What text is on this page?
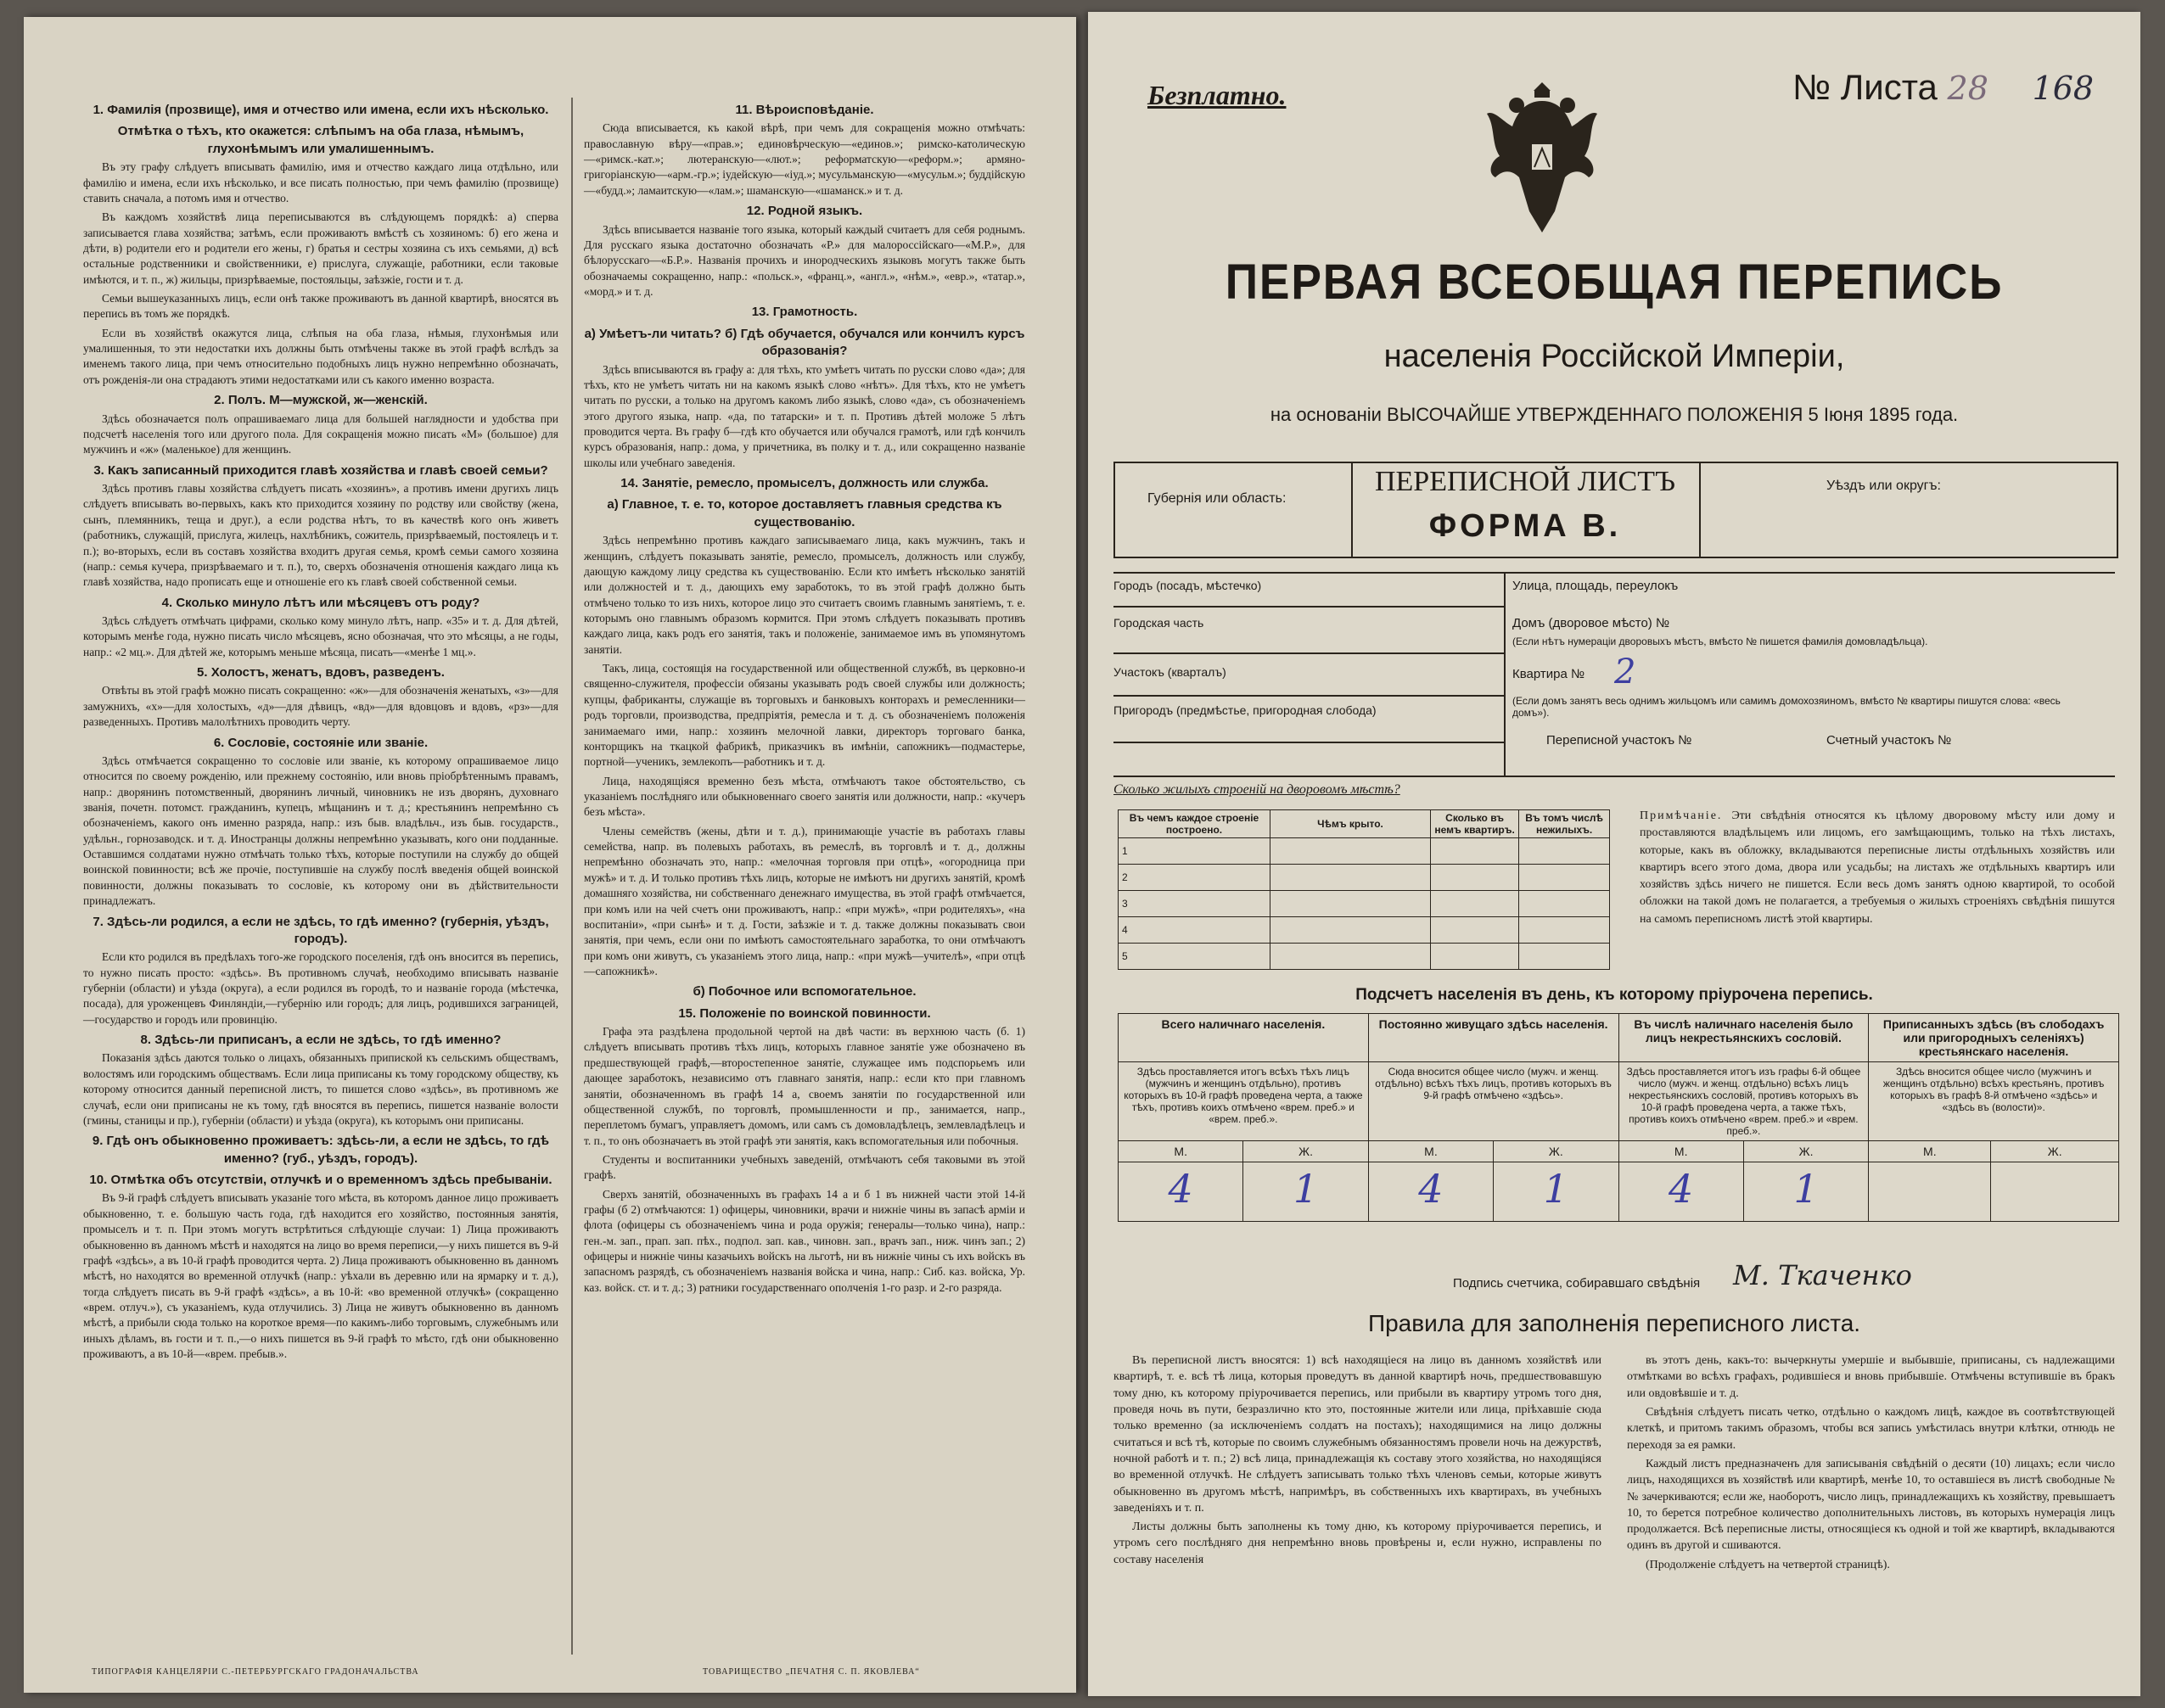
1. Фамилія (прозвище), имя и отчество или имена, если ихъ нѣсколько.
Отмѣтка о тѣхъ, кто окажется: слѣпымъ на оба глаза, нѣмымъ, глухонѣмымъ или умалишеннымъ.

Въ эту графу слѣдуетъ вписывать фамилію, имя и отчество каждаго лица отдѣльно, или фамилію и имена, если ихъ нѣсколько, и все писать полностью, при чемъ фамилію (прозвище) ставить сначала, а потомъ имя и отчество.

Въ каждомъ хозяйствѣ лица переписываются въ слѣдующемъ порядкѣ: а) сперва записывается глава хозяйства; затѣмъ, если проживаютъ вмѣстѣ съ хозяиномъ: б) его жена и дѣти, в) родители его и родители его жены, г) братья и сестры хозяина съ ихъ семьями, д) всѣ остальные родственники и свойственники, е) прислуга, служащіе, работники, если таковые имѣются, и т. п., ж) жильцы, призрѣваемые, постояльцы, заѣзжіе, гости и т. д.

Семьи вышеуказанныхъ лицъ, если онѣ также проживаютъ въ данной квартирѣ, вносятся въ перепись въ томъ же порядкѣ.

Если въ хозяйствѣ окажутся лица, слѣпыя на оба глаза, нѣмыя, глухонѣмыя или умалишенныя, то эти недостатки ихъ должны быть отмѣчены также въ этой графѣ вслѣдъ за именемъ такого лица, при чемъ относительно подобныхъ лицъ нужно непремѣнно обозначать, отъ рожденія-ли она страдаютъ этими недостатками или съ какого именно возраста.

2. Полъ. М—мужской, ж—женскій.

Здѣсь обозначается полъ опрашиваемаго лица для большей наглядности и удобства при подсчетѣ населенія того или другого пола. Для сокращенія можно писать «М» (большое) для мужчинъ и «ж» (маленькое) для женщинъ.

3. Какъ записанный приходится главѣ хозяйства и главѣ своей семьи?

Здѣсь противъ главы хозяйства слѣдуетъ писать «хозяинъ», а противъ имени другихъ лицъ слѣдуетъ вписывать во-первыхъ, какъ кто приходится хозяину по родству или свойству (жена, сынъ, племянникъ, теща и друг.), а если родства нѣтъ, то въ качествѣ кого онъ живетъ (работникъ, служащій, прислуга, жилецъ, нахлѣбникъ, сожитель, призрѣваемый, постоялецъ и т. п.); во-вторыхъ, если въ составъ хозяйства входитъ другая семья, кромѣ семьи самого хозяина (напр.: семья кучера, призрѣваемаго и т. п.), то, сверхъ обозначенія отношенія каждаго лица къ главѣ хозяйства, надо прописать еще и отношеніе его къ главѣ своей собственной семьи.

4. Сколько минуло лѣтъ или мѣсяцевъ отъ роду?

Здѣсь слѣдуетъ отмѣчать цифрами, сколько кому минуло лѣтъ, напр. «35» и т. д. Для дѣтей, которымъ менѣе года, нужно писать число мѣсяцевъ, ясно обозначая, что это мѣсяцы, а не годы, напр.: «2 мц.». Для дѣтей же, которымъ меньше мѣсяца, писать—«менѣе 1 мц.».

5. Холостъ, женатъ, вдовъ, разведенъ.

Отвѣты въ этой графѣ можно писать сокращенно: «ж»—для обозначенія женатыхъ, «з»—для замужнихъ, «х»—для холостыхъ, «д»—для дѣвицъ, «вд»—для вдовцовъ и вдовъ, «рз»—для разведенныхъ. Противъ малолѣтнихъ проводить черту.

6. Сословіе, состояніе или званіе.

Здѣсь отмѣчается сокращенно то сословіе или званіе, къ которому опрашиваемое лицо относится по своему рожденію, или прежнему состоянію, или вновь пріобрѣтеннымъ правамъ, напр.: дворянинъ потомственный, дворянинъ личный, чиновникъ не изъ дворянъ, духовнаго званія, почетн. потомст. гражданинъ, купецъ, мѣщанинъ и т. д.; крестьянинъ непремѣнно съ обозначеніемъ, какого онъ именно разряда, напр.: изъ быв. владѣльч., изъ быв. государств., удѣльн., горнозаводск. и т. д. Иностранцы должны непремѣнно указывать, кого они подданные. Оставшимся солдатами нужно отмѣчать только тѣхъ, которые поступили на службу до общей воинской повинности; всѣ же прочіе, поступившіе на службу послѣ введенія общей воинской повинности, должны показывать то сословіе, къ которому они въ дѣйствительности принадлежатъ.

7. Здѣсь-ли родился, а если не здѣсь, то гдѣ именно? (губернія, уѣздъ, городъ).

Если кто родился въ предѣлахъ того-же городского поселенія, гдѣ онъ вносится въ перепись, то нужно писать просто: «здѣсь». Въ противномъ случаѣ, необходимо вписывать названіе губерніи (области) и уѣзда (округа), а если родился въ городѣ, то и названіе города (мѣстечка, посада), для уроженцевъ Финляндіи,—губернію или городъ; для лицъ, родившихся заграницей,—государство и городъ или провинцію.

8. Здѣсь-ли приписанъ, а если не здѣсь, то гдѣ именно?

Показанія здѣсь даются только о лицахъ, обязанныхъ припиской къ сельскимъ обществамъ, волостямъ или городскимъ обществамъ. Если лица приписаны къ тому городскому обществу, къ которому относится данный переписной листъ, то пишется слово «здѣсь», въ противномъ же случаѣ, если они приписаны не къ тому, гдѣ вносятся въ перепись, пишется названіе волости (гмины, станицы и пр.), губерніи (области) и уѣзда (округа), къ которымъ они приписаны.

9. Гдѣ онъ обыкновенно проживаетъ: здѣсь-ли, а если не здѣсь, то гдѣ именно? (губ., уѣздъ, городъ).
10. Отмѣтка объ отсутствіи, отлучкѣ и о временномъ здѣсь пребываніи.

Въ 9-й графѣ слѣдуетъ вписывать указаніе того мѣста, въ которомъ данное лицо проживаетъ обыкновенно, т. е. большую часть года, гдѣ находится его хозяйство, постоянныя занятія, промыселъ и т. п. При этомъ могутъ встрѣтиться слѣдующіе случаи: 1) Лица проживаютъ обыкновенно въ данномъ мѣстѣ и находятся на лицо во время переписи,—у нихъ пишется въ 9-й графѣ «здѣсь», а въ 10-й графѣ проводится черта. 2) Лица проживаютъ обыкновенно въ данномъ мѣстѣ, но находятся во временной отлучкѣ (напр.: уѣхали въ деревню или на ярмарку и т. д.), тогда слѣдуетъ писать въ 9-й графѣ «здѣсь», а въ 10-й: «во временной отлучкѣ» (сокращенно «врем. отлуч.»), съ указаніемъ, куда отлучились. 3) Лица не живутъ обыкновенно въ данномъ мѣстѣ, а прибыли сюда только на короткое время—по какимъ-либо торговымъ, служебнымъ или иныхъ дѣламъ, въ гости и т. п.,—о нихъ пишется въ 9-й графѣ то мѣсто, гдѣ они обыкновенно проживаютъ, а въ 10-й—«врем. пребыв.».

11. Вѣроисповѣданіе.

Сюда вписывается, къ какой вѣрѣ, при чемъ для сокращенія можно отмѣчать: православную вѣру—«прав.»; единовѣрческую—«единов.»; римско-католическую—«римск.-кат.»; лютеранскую—«лют.»; реформатскую—«реформ.»; армяно-григоріанскую—«арм.-гр.»; іудейскую—«іуд.»; мусульманскую—«мусульм.»; буддійскую—«будд.»; ламаитскую—«лам.»; шаманскую—«шаманск.» и т. д.

12. Родной языкъ.

Здѣсь вписывается названіе того языка, который каждый считаетъ для себя роднымъ. Для русскаго языка достаточно обозначать «Р.» для малороссійскаго—«М.Р.», для бѣлорусскаго—«Б.Р.». Названія прочихъ и инородческихъ языковъ могутъ также быть обозначаемы сокращенно, напр.: «польск.», «франц.», «англ.», «нѣм.», «евр.», «татар.», «морд.» и т. д.

13. Грамотность.
а) Умѣетъ-ли читать? б) Гдѣ обучается, обучался или кончилъ курсъ образованія?

Здѣсь вписываются въ графу а: для тѣхъ, кто умѣетъ читать по русски слово «да»; для тѣхъ, кто не умѣетъ читать ни на какомъ языкѣ слово «нѣтъ». Для тѣхъ, кто не умѣетъ читать по русски, а только на другомъ какомъ либо языкѣ, слово «да», съ обозначеніемъ этого другого языка, напр. «да, по татарски» и т. п. Противъ дѣтей моложе 5 лѣтъ проводится черта. Въ графу б—гдѣ кто обучается или обучался грамотѣ, или гдѣ кончилъ курсъ образованія, напр.: дома, у причетника, въ полку и т. д., или сокращенно названіе школы или учебнаго заведенія.

14. Занятіе, ремесло, промыселъ, должность или служба.
а) Главное, т. е. то, которое доставляетъ главныя средства къ существованію.

Здѣсь непремѣнно противъ каждаго записываемаго лица, какъ мужчинъ, такъ и женщинъ, слѣдуетъ показывать занятіе, ремесло, промыселъ, должность или службу, дающую каждому лицу средства къ существованію. Если кто имѣетъ нѣсколько занятій или должностей и т. д., дающихъ ему заработокъ, то въ этой графѣ должно быть отмѣчено только то изъ нихъ, которое лицо это считаетъ своимъ главнымъ занятіемъ, т. е. которымъ оно главнымъ образомъ кормится. При этомъ слѣдуетъ показывать противъ каждаго лица, какъ родъ его занятія, такъ и положеніе, занимаемое имъ въ упомянутомъ занятіи.

Такъ, лица, состоящія на государственной или общественной службѣ, въ церковно-и священно-служителя, профессіи обязаны указывать родъ своей службы или должность; купцы, фабриканты, служащіе въ торговыхъ и банковыхъ конторахъ и ремесленники—родъ торговли, производства, предпріятія, ремесла и т. д. съ обозначеніемъ положенія занимаемаго ими, напр.: хозяинъ мелочной лавки, директоръ торговаго банка, конторщикъ на ткацкой фабрикѣ, приказчикъ въ имѣніи, сапожникъ—подмастерье, портной—ученикъ, землекопъ—работникъ и т. д.

Лица, находящіяся временно безъ мѣста, отмѣчаютъ такое обстоятельство, съ указаніемъ послѣдняго или обыкновеннаго своего занятія или должности, напр.: «кучеръ безъ мѣста».

Члены семействъ (жены, дѣти и т. д.), принимающіе участіе въ работахъ главы семейства, напр. въ полевыхъ работахъ, въ ремеслѣ, въ торговлѣ и т. д., должны непремѣнно обозначать это, напр.: «мелочная торговля при отцѣ», «огородница при мужѣ» и т. д. И только противъ тѣхъ лицъ, которые не имѣютъ ни другихъ занятій, кромѣ домашняго хозяйства, ни собственнаго денежнаго имущества, въ этой графѣ отмѣчается, при комъ или на чей счетъ они проживаютъ, напр.: «при мужѣ», «при родителяхъ», «на воспитаніи», «при сынѣ» и т. д. Гости, заѣзжіе и т. д. также должны показывать свои занятія, при чемъ, если они по имѣютъ самостоятельнаго заработка, то они отмѣчаютъ при комъ они живутъ, съ указаніемъ этого лица, напр.: «при мужѣ—учителѣ», «при отцѣ—сапожникѣ».

б) Побочное или вспомогательное.
15. Положеніе по воинской повинности.

Графа эта раздѣлена продольной чертой на двѣ части: въ верхнюю часть (б. 1) слѣдуетъ вписывать противъ тѣхъ лицъ, которыхъ главное занятіе уже обозначено въ предшествующей графѣ,—второстепенное занятіе, служащее имъ подспорьемъ или дающее заработокъ, независимо отъ главнаго занятія, напр.: если кто при главномъ занятіи, обозначенномъ въ графѣ 14 а, своемъ занятіи по государственной или общественной службѣ, по торговлѣ, промышленности и пр., занимается, напр., переплетомъ бумагъ, управляетъ домомъ, или самъ съ домовладѣлецъ, землевладѣлецъ и т. п., то онъ обозначаетъ въ этой графѣ эти занятія, какъ вспомогательныя или побочныя.

Студенты и воспитанники учебныхъ заведеній, отмѣчаютъ себя таковыми въ этой графѣ.

Сверхъ занятій, обозначенныхъ въ графахъ 14 а и б 1 въ нижней части этой 14-й графы (б 2) отмѣчаются: 1) офицеры, чиновники, врачи и нижніе чины въ запасѣ арміи и флота (офицеры съ обозначеніемъ чина и рода оружія; генералы—только чина), напр.: ген.-м. зап., прап. зап. пѣх., подпол. зап. кав., чиновн. зап., врачъ зап., ниж. чинъ зап.; 2) офицеры и нижніе чины казачьихъ войскъ на льготѣ, ни въ нижніе чины съ ихъ войскъ въ запасномъ разрядѣ, съ обозначеніемъ названія войска и чина, напр.: Сиб. каз. войска, Ур. каз. войск. ст. и т. д.; 3) ратники государственнаго ополченія 1-го разр. и 2-го разряда.

ТИПОГРАФІЯ КАНЦЕЛЯРІИ С.-ПЕТЕРБУРГСКАГО ГРАДОНАЧАЛЬСТВА	ТОВАРИЩЕСТВО „ПЕЧАТНЯ С. П. ЯКОВЛЕВА“
Безплатно.	№ Листа 28 168
ПЕРВАЯ ВСЕОБЩАЯ ПЕРЕПИСЬ
населенія Россійской Имперіи,
на основаніи ВЫСОЧАЙШЕ УТВЕРЖДЕННАГО ПОЛОЖЕНІЯ 5 Іюня 1895 года.
Губернія или область:
ПЕРЕПИСНОЙ ЛИСТЪ
ФОРМА В.
Уѣздъ или округъ:
Городъ (посадъ, мѣстечко)
Городская часть
Участокъ (кварталъ)
Пригородъ (предмѣстье, пригородная слобода)
Улица, площадь, переулокъ
Домъ (дворовое мѣсто) №
(Если нѣтъ нумераціи дворовыхъ мѣстъ, вмѣсто № пишется фамилія домовладѣльца).
Квартира № 2
(Если домъ занятъ весь однимъ жильцомъ или самимъ домохозяиномъ, вмѣсто № квартиры пишутся слова: «весь домъ»).
Переписной участокъ №	Счетный участокъ №
Сколько жилыхъ строеній на дворовомъ мѣстѣ?
Въ чемъ каждое строеніе построено.	Чѣмъ крыто.	Сколько въ немъ квартиръ.	Въ томъ числѣ нежилыхъ.
1			
2			
3			
4			
5			
Примѣчаніе. Эти свѣдѣнія относятся къ цѣлому дворовому мѣсту или дому и проставляются владѣльцемъ или лицомъ, его замѣщающимъ, только на тѣхъ листахъ, которые, какъ въ обложку, вкладываются переписные листы отдѣльныхъ хозяйствъ или квартиръ всего этого дома, двора или усадьбы; на листахъ же отдѣльныхъ квартиръ или хозяйствъ здѣсь ничего не пишется. Если весь домъ занятъ одною квартирой, то особой обложки на такой домъ не полагается, а требуемыя о жилыхъ строеніяхъ свѣдѣнія пишутся на самомъ переписномъ листѣ этой квартиры.
Подсчетъ населенія въ день, къ которому пріурочена перепись.
Всего наличнаго населенія.		Постоянно живущаго здѣсь населенія.		Въ числѣ наличнаго населенія было лицъ некрестьянскихъ сословій.		Приписанныхъ здѣсь (въ слободахъ или пригородныхъ селеніяхъ) крестьянскаго населенія.	
Здѣсь проставляется итогъ всѣхъ тѣхъ лицъ (мужчинъ и женщинъ отдѣльно), противъ которыхъ въ 10-й графѣ проведена черта, а также тѣхъ, противъ коихъ отмѣчено «врем. преб.» и «врем. преб.».		Сюда вносится общее число (мужч. и женщ. отдѣльно) всѣхъ тѣхъ лицъ, противъ которыхъ въ 9-й графѣ отмѣчено «здѣсь».		Здѣсь проставляется итогъ изъ графы 6-й общее число (мужч. и женщ. отдѣльно) всѣхъ лицъ некрестьянскихъ сословій, противъ которыхъ въ 10-й графѣ проведена черта, а также тѣхъ, противъ коихъ отмѣчено «врем. преб.» и «врем. преб.».		Здѣсь вносится общее число (мужчинъ и женщинъ отдѣльно) всѣхъ крестьянъ, противъ которыхъ въ графѣ 8-й отмѣчено «здѣсь» и «здѣсь въ (волости)».	
М.	Ж.	М.	Ж.	М.	Ж.	М.	Ж.
4	1	4	1	4	1		
Подпись счетчика, собиравшаго свѣдѣнія М. Ткаченко
Правила для заполненія переписного листа.

Въ переписной листъ вносятся: 1) всѣ находящіеся на лицо въ данномъ хозяйствѣ или квартирѣ, т. е. всѣ тѣ лица, которыя проведутъ въ данной квартирѣ ночь, предшествовавшую тому дню, къ которому пріурочивается перепись, или прибыли въ квартиру утромъ того дня, проведя ночь въ пути, безразлично кто это, постоянные жители или лица, пріѣхавшіе сюда только временно (за исключеніемъ солдатъ на постахъ); находящимися на лицо должны считаться и всѣ тѣ, которые по своимъ служебнымъ обязанностямъ провели ночь на дежурствѣ, ночной работѣ и т. п.; 2) всѣ лица, принадлежащія къ составу этого хозяйства, но находящіяся во временной отлучкѣ. Не слѣдуетъ записывать только тѣхъ членовъ семьи, которые живутъ обыкновенно въ другомъ мѣстѣ, напримѣръ, въ собственныхъ ихъ квартирахъ, въ учебныхъ заведеніяхъ и т. п.

Листы должны быть заполнены къ тому дню, къ которому пріурочивается перепись, и утромъ сего послѣдняго дня непремѣнно вновь провѣрены и, если нужно, исправлены по составу населенія

въ этотъ день, какъ-то: вычеркнуты умершіе и выбывшіе, приписаны, съ надлежащими отмѣтками во всѣхъ графахъ, родившіеся и вновь прибывшіе. Отмѣчены вступившіе въ бракъ или овдовѣвшіе и т. д.

Свѣдѣнія слѣдуетъ писать четко, отдѣльно о каждомъ лицѣ, каждое въ соотвѣтствующей клеткѣ, и притомъ такимъ образомъ, чтобы вся запись умѣстилась внутри клѣтки, отнюдь не переходя за ея рамки.

Каждый листъ предназначенъ для записыванія свѣдѣній о десяти (10) лицахъ; если число лицъ, находящихся въ хозяйствѣ или квартирѣ, менѣе 10, то оставшіеся въ листѣ свободные №№ зачеркиваются; если же, наоборотъ, число лицъ, принадлежащихъ къ хозяйству, превышаетъ 10, то берется потребное количество дополнительныхъ листовъ, въ которыхъ нумерація лицъ продолжается. Всѣ переписные листы, относящіеся къ одной и той же квартирѣ, вкладываются одинъ въ другой и сшиваются.

(Продолженіе слѣдуетъ на четвертой страницѣ).
